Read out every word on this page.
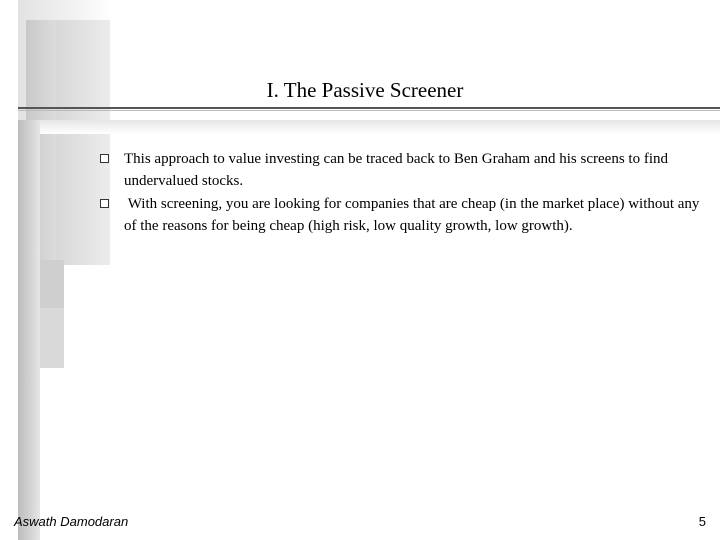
I. The Passive Screener
This approach to value investing can be traced back to Ben Graham and his screens to find undervalued stocks.
With screening, you are looking for companies that are cheap (in the market place) without any of the reasons for being cheap (high risk, low quality growth, low growth).
Aswath Damodaran	5
